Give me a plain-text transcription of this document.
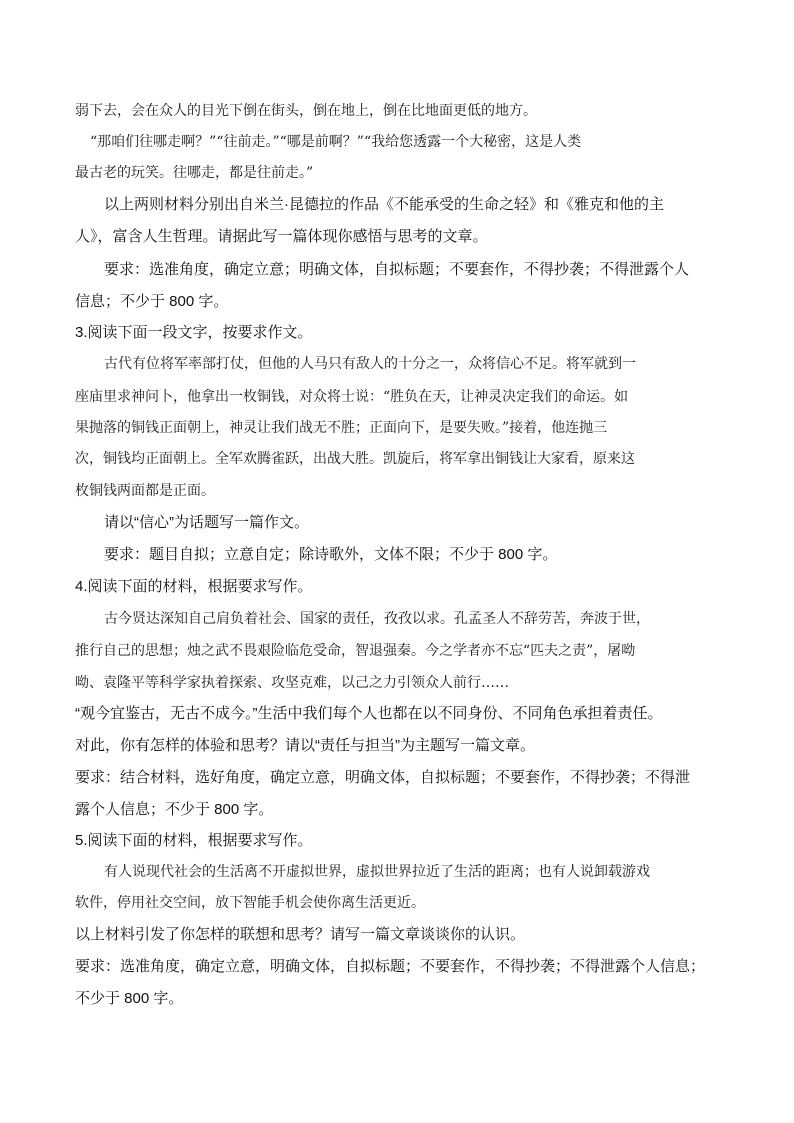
弱下去，会在众人的目光下倒在街头，倒在地上，倒在比地面更低的地方。
“那咱们往哪走啊？”“往前走。”“哪是前啊？”“我给您透露一个大秘密，这是人类
最古老的玩笑。往哪走，都是往前走。”
以上两则材料分别出自米兰·昆德拉的作品《不能承受的生命之轻》和《雅克和他的主
人》，富含人生哲理。请据此写一篇体现你感悟与思考的文章。
要求：选准角度，确定立意；明确文体，自拟标题；不要套作，不得抄袭；不得泄露个人
信息；不少于 800 字。
3.阅读下面一段文字，按要求作文。
古代有位将军率部打仗，但他的人马只有敌人的十分之一，众将信心不足。将军就到一
座庙里求神问卜，他拿出一枚铜钱，对众将士说：“胜负在天，让神灵决定我们的命运。如
果抛落的铜钱正面朝上，神灵让我们战无不胜；正面向下，是要失败。”接着，他连抛三
次，铜钱均正面朝上。全军欢腾雀跃，出战大胜。凯旋后，将军拿出铜钱让大家看，原来这
枚铜钱两面都是正面。
请以“信心”为话题写一篇作文。
要求：题目自拟；立意自定；除诗歌外，文体不限；不少于 800 字。
4.阅读下面的材料，根据要求写作。
古今贤达深知自己肩负着社会、国家的责任，孜孜以求。孔孟圣人不辞劳苦，奔波于世，
推行自己的思想；烛之武不畏艰险临危受命，智退强秦。今之学者亦不忘“匹夫之责”，屠呦
呦、袁隆平等科学家执着探索、攻坚克难，以己之力引领众人前行……
“观今宜鉴古，无古不成今。”生活中我们每个人也都在以不同身份、不同角色承担着责任。
对此，你有怎样的体验和思考？请以“责任与担当”为主题写一篇文章。
要求：结合材料，选好角度，确定立意，明确文体，自拟标题；不要套作，不得抄袭；不得泄
露个人信息；不少于 800 字。
5.阅读下面的材料，根据要求写作。
有人说现代社会的生活离不开虚拟世界，虚拟世界拉近了生活的距离；也有人说卸载游戏
软件，停用社交空间，放下智能手机会使你离生活更近。
以上材料引发了你怎样的联想和思考？请写一篇文章谈谈你的认识。
要求：选准角度，确定立意，明确文体，自拟标题；不要套作，不得抄袭；不得泄露个人信息；
不少于 800 字。
